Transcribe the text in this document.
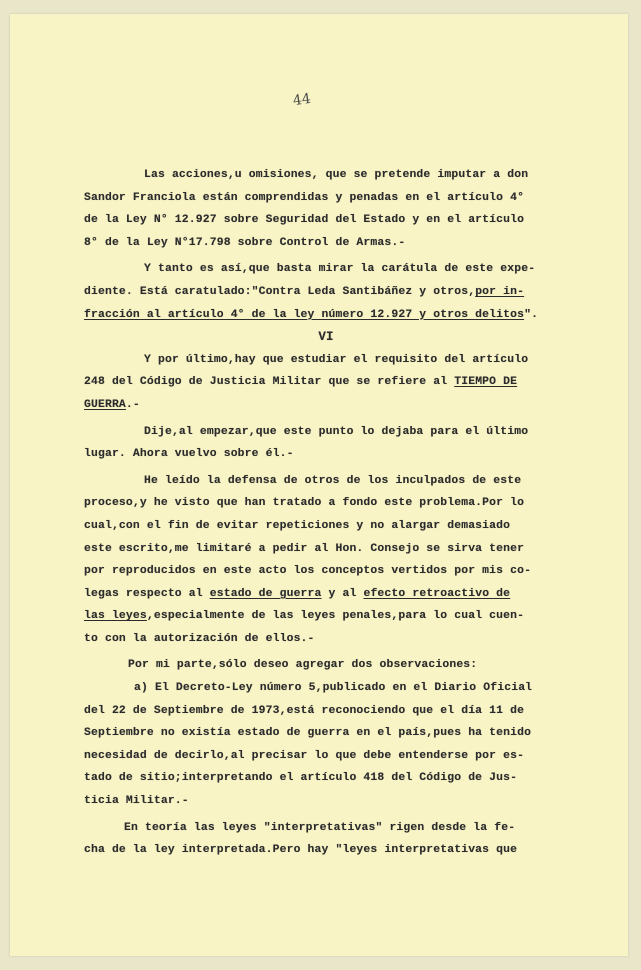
44
Las acciones,u omisiones, que se pretende imputar a don
Sandor Franciola están comprendidas y penadas en el artículo 4°
de la Ley N° 12.927 sobre Seguridad del Estado y en el artículo
8° de la Ley N°17.798 sobre Control de Armas.-
Y tanto es así,que basta mirar la carátula de este expe-
diente. Está caratulado:"Contra Leda Santibáñez y otros,por in-
fracción al artículo 4° de la ley número 12.927 y otros delitos".
VI
Y por último,hay que estudiar el requisito del artículo
248 del Código de Justicia Militar que se refiere al TIEMPO DE
GUERRA.-
Dije,al empezar,que este punto lo dejaba para el último
lugar. Ahora vuelvo sobre él.-
He leído la defensa de otros de los inculpados de este
proceso,y he visto que han tratado a fondo este problema.Por lo
cual,con el fin de evitar repeticiones y no alargar demasiado
este escrito,me limitaré a pedir al Hon. Consejo se sirva tener
por reproducidos en este acto los conceptos vertidos por mis co-
legas respecto al estado de guerra y al efecto retroactivo de
las leyes,especialmente de las leyes penales,para lo cual cuen-
to con la autorización de ellos.-
Por mi parte,sólo deseo agregar dos observaciones:
a) El Decreto-Ley número 5,publicado en el Diario Oficial
del 22 de Septiembre de 1973,está reconociendo que el día 11 de
Septiembre no existía estado de guerra en el país,pues ha tenido
necesidad de decirlo,al precisar lo que debe entenderse por es-
tado de sitio;interpretando el artículo 418 del Código de Jus-
ticia Militar.-
En teoría las leyes "interpretativas" rigen desde la fe-
cha de la ley interpretada.Pero hay "leyes interpretativas que
